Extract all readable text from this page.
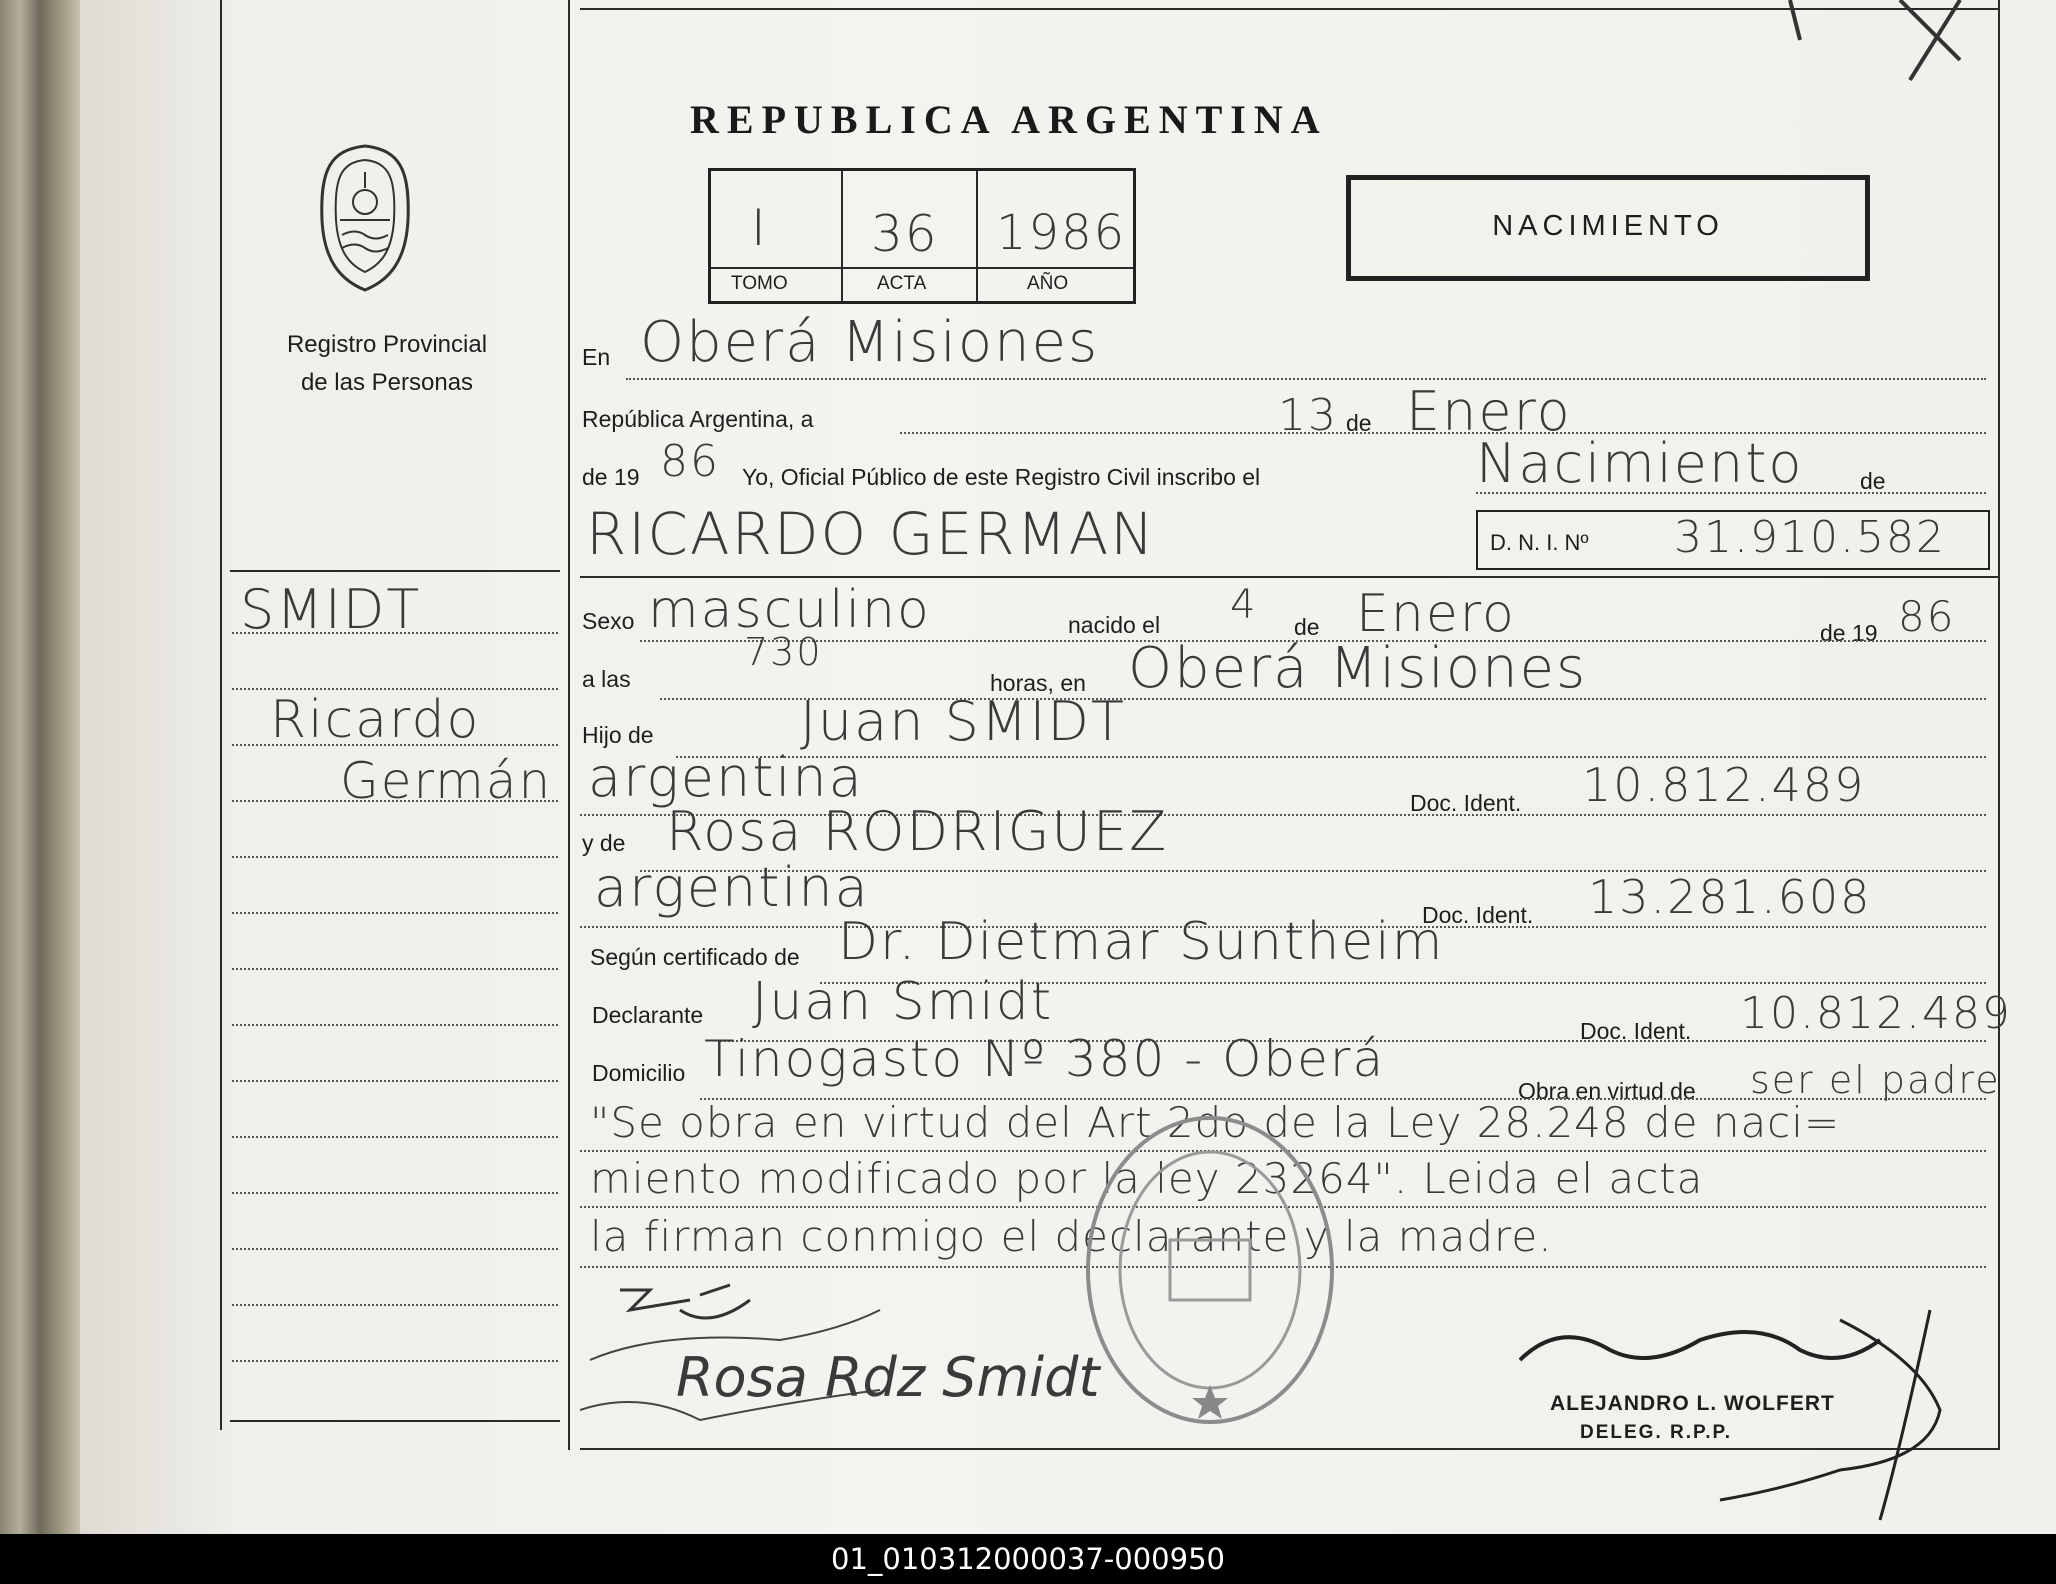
Registro Provincial
de las Personas
SMIDT
Ricardo
Germán
REPUBLICA ARGENTINA
I 36 1986
TOMO	ACTA	AÑO
NACIMIENTO
En Oberá Misiones
República Argentina, a	13 de Enero
de 19 86 Yo, Oficial Público de este Registro Civil inscribo el	Nacimiento de
RICARDO GERMAN	D. N. I. Nº 31.910.582
Sexo masculino	nacido el 4 de Enero	de 19 86
a las
730
horas, en Oberá Misiones
Hijo de	Juan SMIDT
argentina	Doc. Ident. 10.812.489
y de Rosa RODRIGUEZ
argentina	Doc. Ident. 13.281.608
Según certificado de Dr. Dietmar Suntheim
Declarante Juan Smidt	Doc. Ident. 10.812.489
Domicilio Tinogasto Nº 380 - Oberá
Obra en virtud de ser el padre
"Se obra en virtud del Art 2do de la Ley 28.248 de naci=
miento modificado por la ley 23264". Leida el acta
la firman conmigo el declarante y la madre.
Rosa Rdz Smidt	ALEJANDRO L. WOLFERT
DELEG. R.P.P.
01_010312000037-000950
